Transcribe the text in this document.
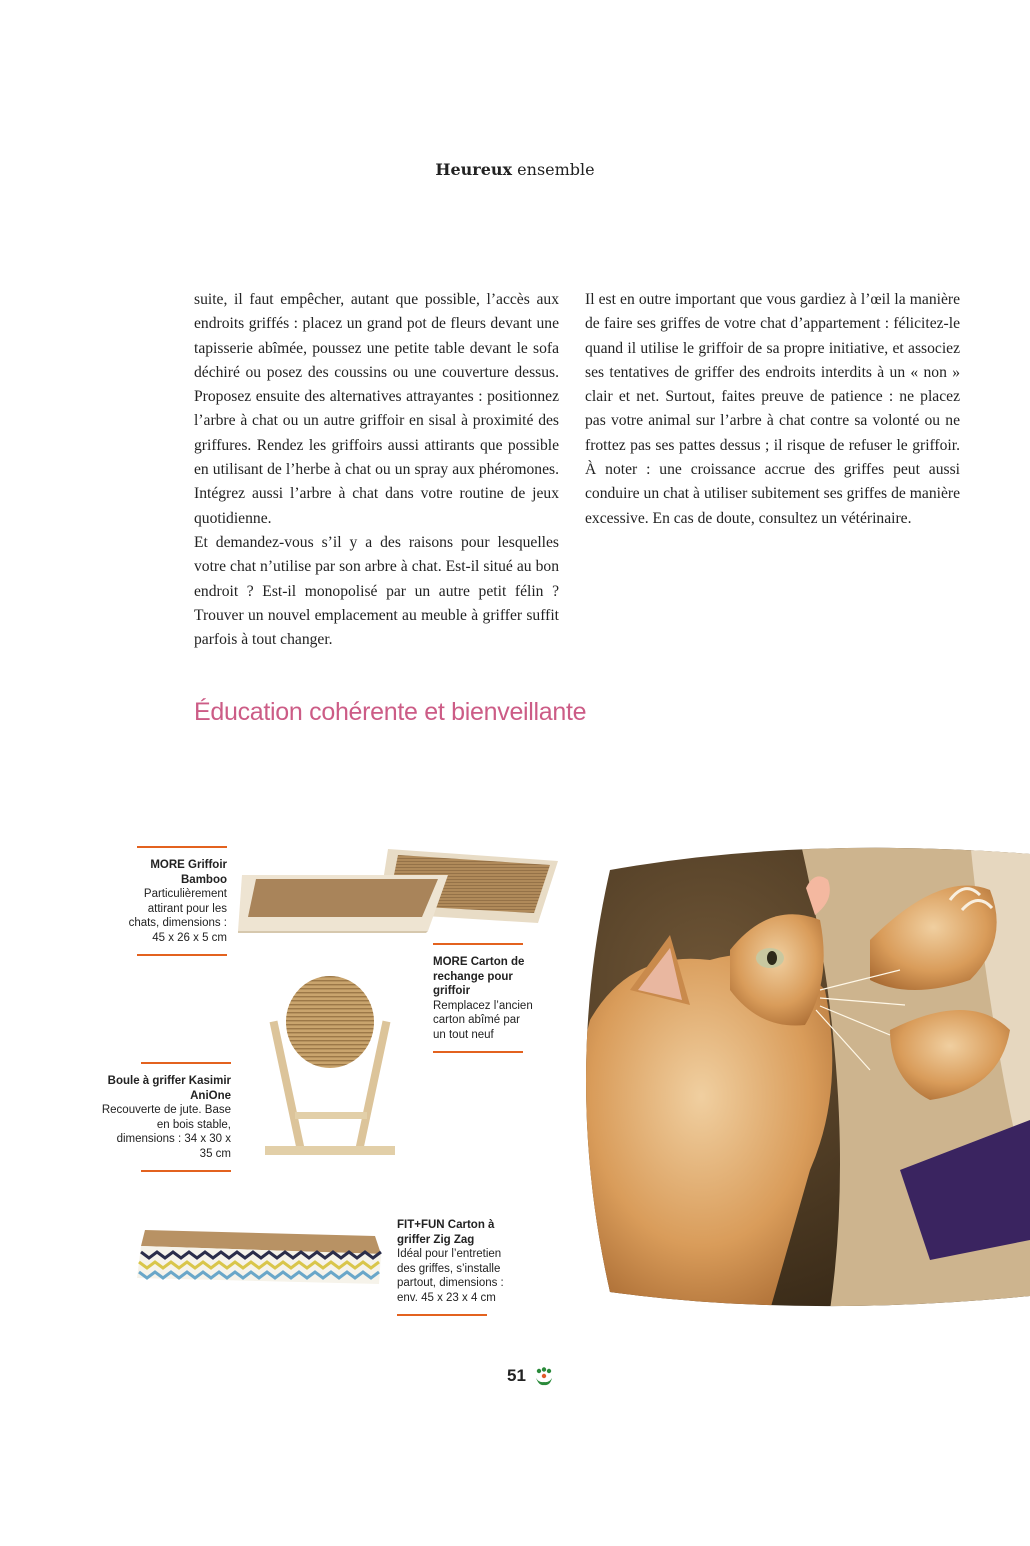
Heureux ensemble

suite, il faut empêcher, autant que possible, l’accès aux endroits griffés : placez un grand pot de fleurs devant une tapisserie abîmée, poussez une petite table devant le sofa déchiré ou posez des coussins ou une couverture dessus. Proposez ensuite des alternatives attrayantes : positionnez l’arbre à chat ou un autre griffoir en sisal à proximité des griffures. Rendez les griffoirs aussi attirants que possible en utilisant de l’herbe à chat ou un spray aux phéromones. Intégrez aussi l’arbre à chat dans votre routine de jeux quotidienne.

Et demandez-vous s’il y a des raisons pour lesquelles votre chat n’utilise par son arbre à chat. Est-il situé au bon endroit ? Est-il monopolisé par un autre petit félin ? Trouver un nouvel emplacement au meuble à griffer suffit parfois à tout changer.

Il est en outre important que vous gardiez à l’œil la manière de faire ses griffes de votre chat d’appartement : félicitez-le quand il utilise le griffoir de sa propre initiative, et associez ses tentatives de griffer des endroits interdits à un « non » clair et net. Surtout, faites preuve de patience : ne placez pas votre animal sur l’arbre à chat contre sa volonté ou ne frottez pas ses pattes dessus ; il risque de refuser le griffoir. À noter : une croissance accrue des griffes peut aussi conduire un chat à utiliser subitement ses griffes de manière excessive. En cas de doute, consultez un vétérinaire.

Éducation cohérente et bienveillante
MORE Griffoir Bamboo
Particulièrement attirant pour les chats, dimensions : 45 x 26 x 5 cm
MORE Carton de rechange pour griffoir
Remplacez l’ancien carton abîmé par un tout neuf
Boule à griffer Kasimir AniOne
Recouverte de jute. Base en bois stable, dimensions : 34 x 30 x 35 cm
FIT+FUN Carton à griffer Zig Zag
Idéal pour l’entretien des griffes, s’installe partout, dimensions : env. 45 x 23 x 4 cm
51
